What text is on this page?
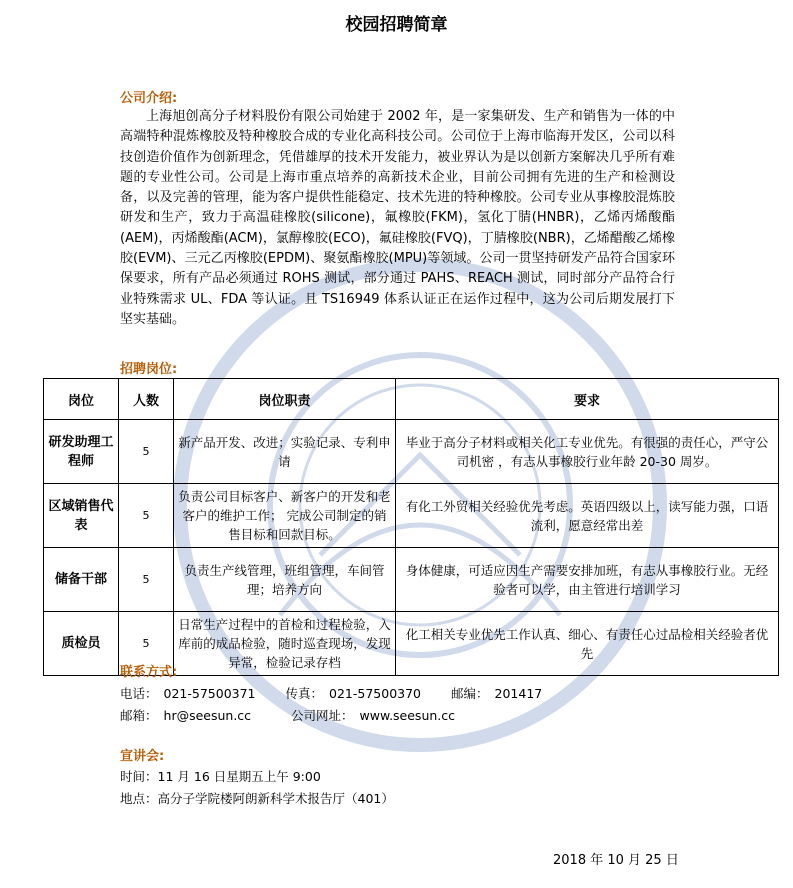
校园招聘简章
公司介绍:

上海旭创高分子材料股份有限公司始建于 2002 年，是一家集研发、生产和销售为一体的中高端特种混炼橡胶及特种橡胶合成的专业化高科技公司。公司位于上海市临海开发区，公司以科技创造价值作为创新理念，凭借雄厚的技术开发能力，被业界认为是以创新方案解决几乎所有难题的专业性公司。公司是上海市重点培养的高新技术企业，目前公司拥有先进的生产和检测设备，以及完善的管理，能为客户提供性能稳定、技术先进的特种橡胶。公司专业从事橡胶混炼胶研发和生产，致力于高温硅橡胶(silicone)，氟橡胶(FKM)，氢化丁腈(HNBR)，乙烯丙烯酸酯(AEM)，丙烯酸酯(ACM)，氯醇橡胶(ECO)，氟硅橡胶(FVQ)，丁腈橡胶(NBR)，乙烯醋酸乙烯橡胶(EVM)、三元乙丙橡胶(EPDM)、聚氨酯橡胶(MPU)等领域。公司一贯坚持研发产品符合国家环保要求，所有产品必须通过 ROHS 测试，部分通过 PAHS、REACH 测试，同时部分产品符合行业特殊需求 UL、FDA 等认证。且 TS16949 体系认证正在运作过程中，这为公司后期发展打下坚实基础。

招聘岗位:
岗位	人数	岗位职责	要求
研发助理工程师	5	新产品开发、改进；实验记录、专利申请	毕业于高分子材料或相关化工专业优先。有很强的责任心，严守公司机密 ，有志从事橡胶行业年龄 20-30 周岁。
区域销售代表	5	负责公司目标客户、新客户的开发和老客户的维护工作； 完成公司制定的销售目标和回款目标。	有化工外贸相关经验优先考虑。英语四级以上，读写能力强，口语流利，愿意经常出差
储备干部	5	负责生产线管理，班组管理，车间管理；培养方向	身体健康，可适应因生产需要安排加班，有志从事橡胶行业。无经验者可以学，由主管进行培训学习
质检员	5	日常生产过程中的首检和过程检验，入库前的成品检验，随时巡查现场，发现异常，检验记录存档	化工相关专业优先工作认真、细心、有责任心过品检相关经验者优先
联系方式:
电话： 021-57500371 传真： 021-57500370 邮编： 201417
邮箱： hr@seesun.cc	公司网址： www.seesun.cc
宣讲会:
时间：11 月 16 日星期五上午 9:00
地点：高分子学院楼阿朗新科学术报告厅（401）
2018 年 10 月 25 日
